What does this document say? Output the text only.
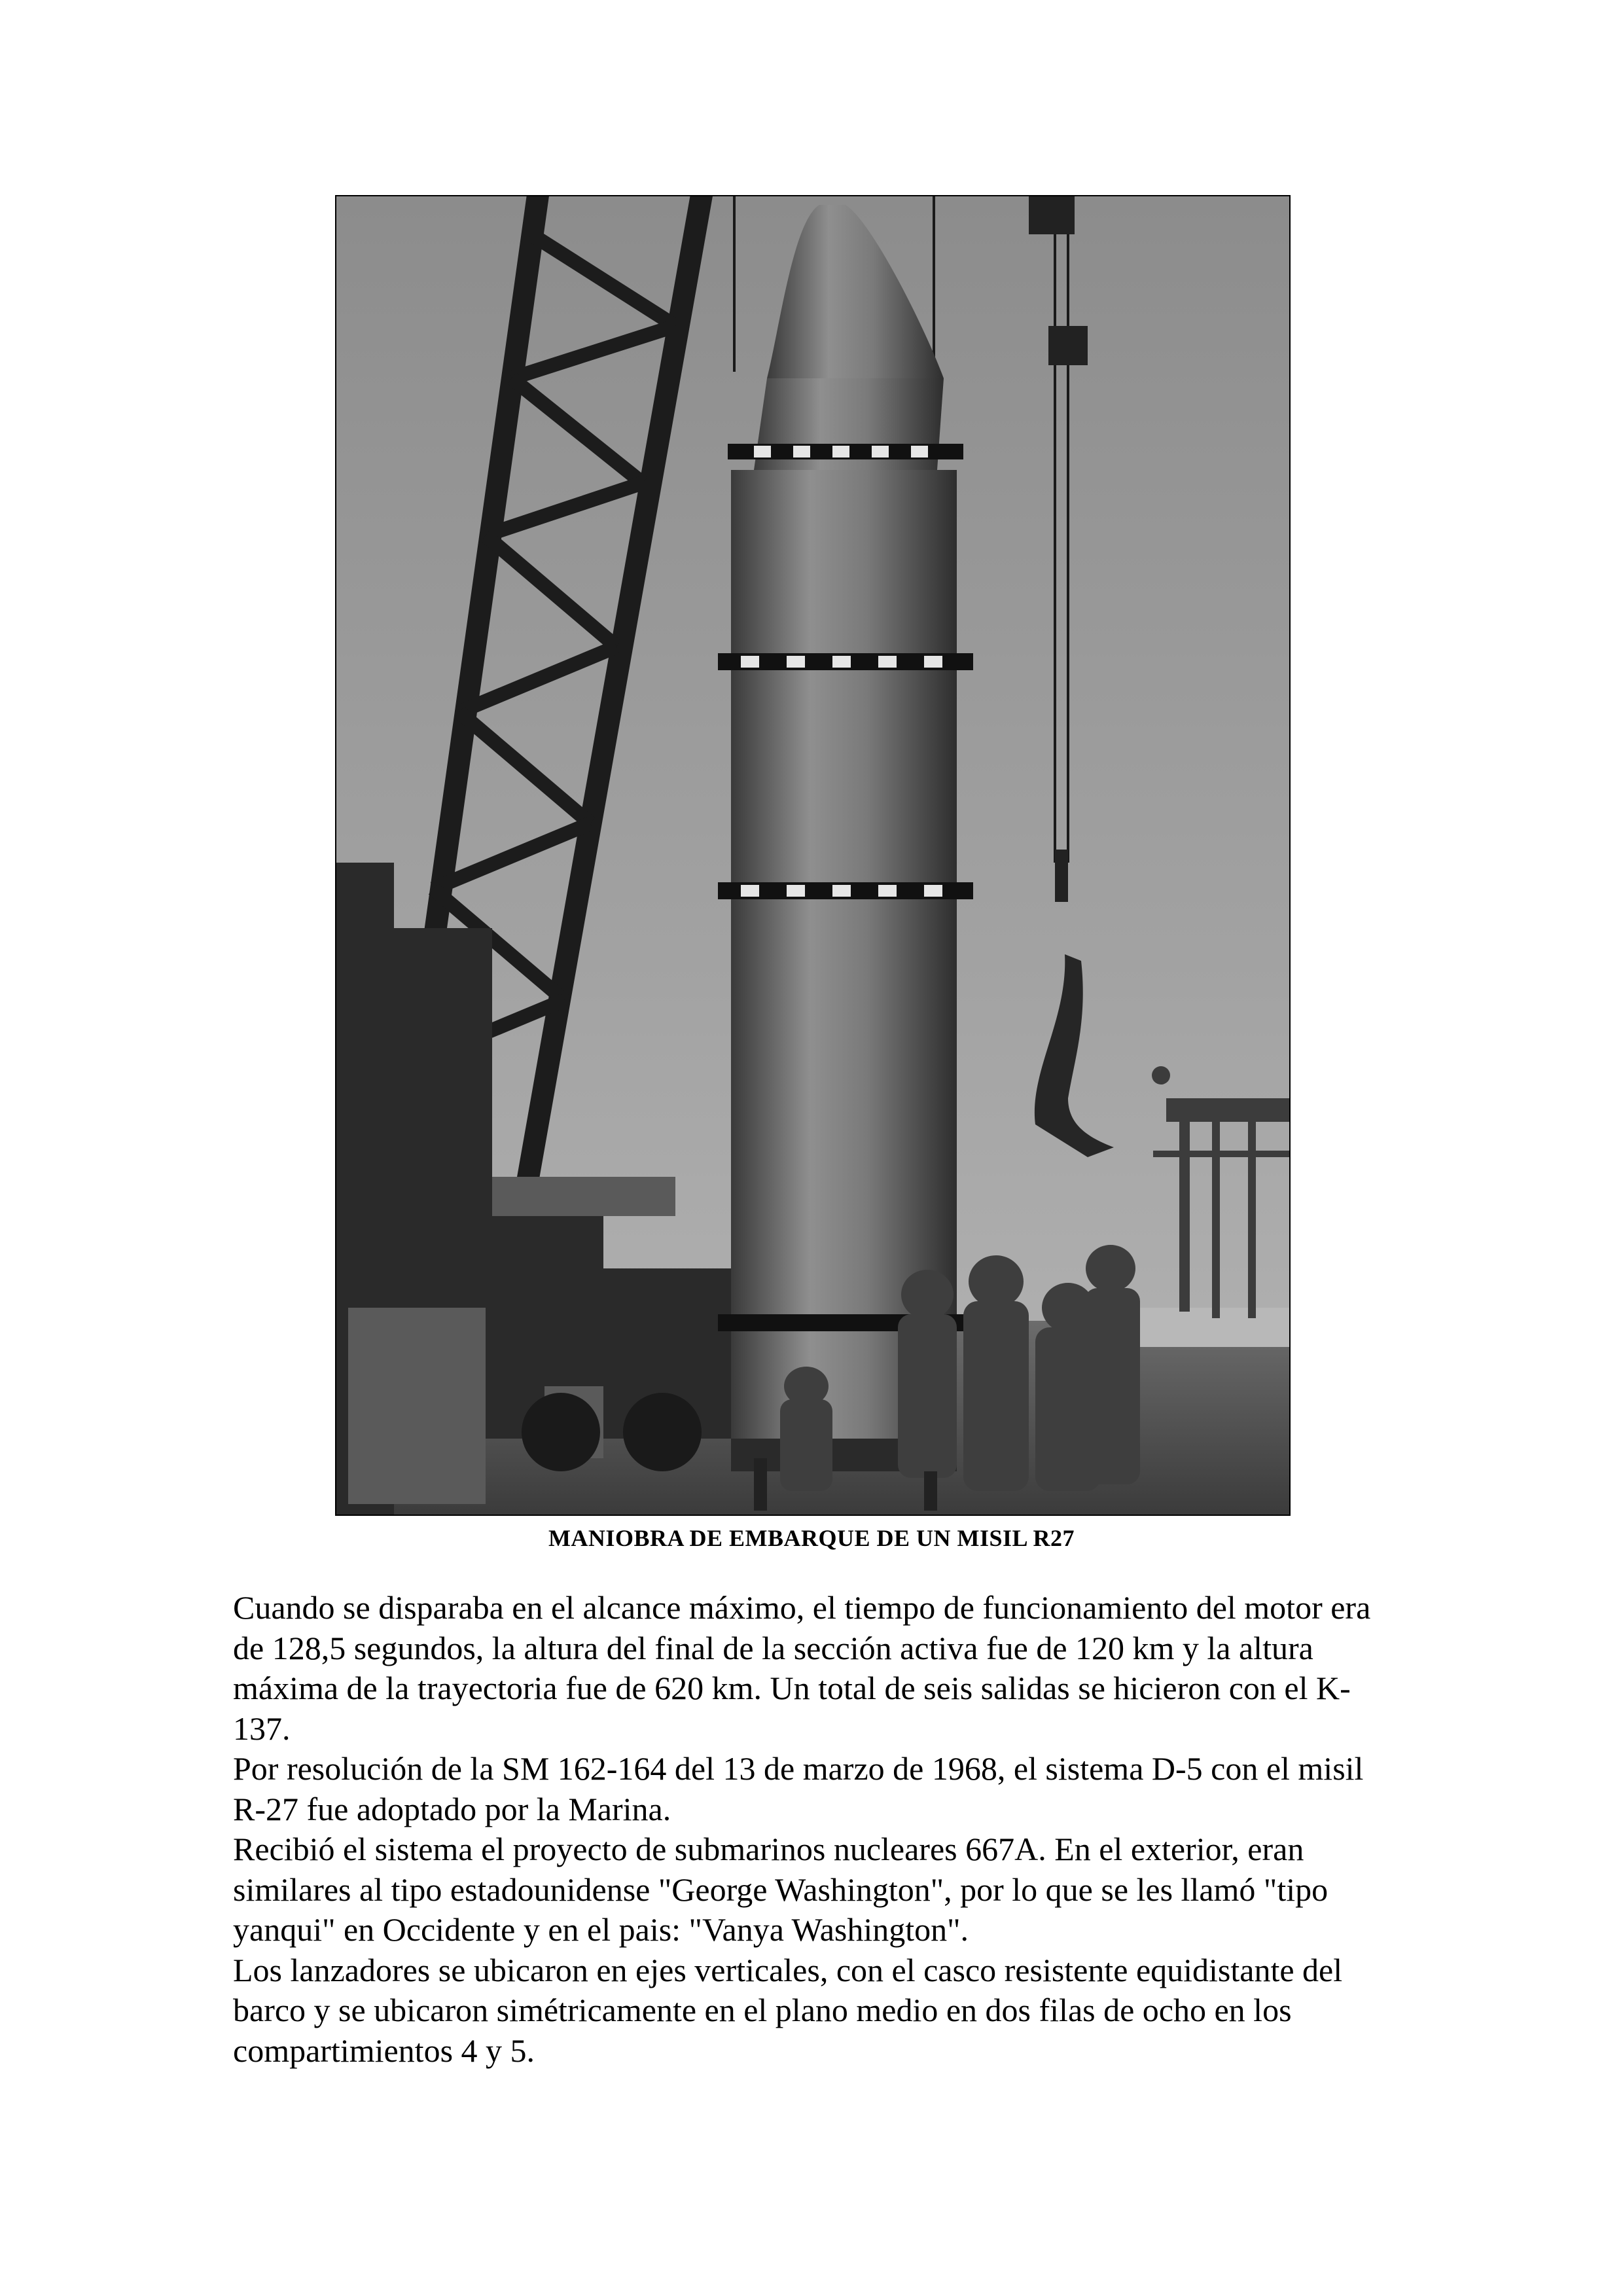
MANIOBRA DE EMBARQUE DE UN MISIL R27

Cuando se disparaba en el alcance máximo, el tiempo de funcionamiento del motor era
de 128,5 segundos, la altura del final de la sección activa fue de 120 km y la altura
máxima de la trayectoria fue de 620 km. Un total de seis salidas se hicieron con el K-
137.

Por resolución de la SM 162-164 del 13 de marzo de 1968, el sistema D-5 con el misil
R-27 fue adoptado por la Marina.

Recibió el sistema el proyecto de submarinos nucleares 667A. En el exterior, eran
similares al tipo estadounidense "George Washington", por lo que se les llamó "tipo
yanqui" en Occidente y en el pais: "Vanya Washington".

Los lanzadores se ubicaron en ejes verticales, con el casco resistente equidistante del
barco y se ubicaron simétricamente en el plano medio en dos filas de ocho en los
compartimientos 4 y 5.
